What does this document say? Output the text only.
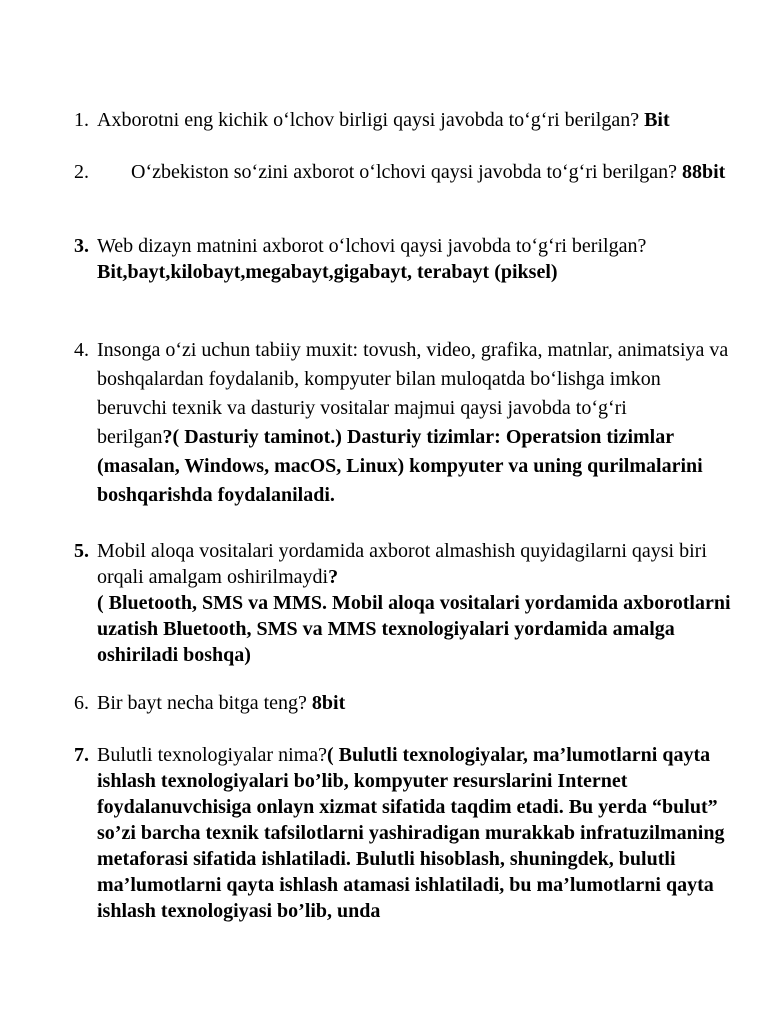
1. Axborotni eng kichik o‘lchov birligi qaysi javobda to‘g‘ri berilgan? Bit
2.	O‘zbekiston so‘zini axborot o‘lchovi qaysi javobda to‘g‘ri berilgan? 88bit
3. Web dizayn matnini axborot o‘lchovi qaysi javobda to‘g‘ri berilgan?   Bit,bayt,kilobayt,megabayt,gigabayt, terabayt (piksel)
4. Insonga o‘zi uchun tabiiy muxit: tovush, video, grafika, matnlar, animatsiya va boshqalardan foydalanib, kompyuter bilan muloqatda bo‘lishga imkon beruvchi texnik va dasturiy vositalar majmui qaysi javobda to‘g‘ri berilgan?( Dasturiy taminot.) Dasturiy tizimlar: Operatsion tizimlar (masalan, Windows, macOS, Linux) kompyuter va uning qurilmalarini boshqarishda foydalaniladi.
5. Mobil aloqa vositalari yordamida axborot almashish quyidagilarni qaysi biri orqali amalgam oshirilmaydi?
( Bluetooth, SMS va MMS. Mobil aloqa vositalari yordamida axborotlarni uzatish Bluetooth, SMS va MMS texnologiyalari yordamida amalga oshiriladi boshqa)
6. Bir bayt necha bitga teng? 8bit
7. Bulutli texnologiyalar nima?( Bulutli texnologiyalar, ma’lumotlarni qayta ishlash texnologiyalari bo’lib, kompyuter resurslarini Internet foydalanuvchisiga onlayn xizmat sifatida taqdim etadi. Bu yerda “bulut” so’zi barcha texnik tafsilotlarni yashiradigan murakkab infratuzilmaning metaforasi sifatida ishlatiladi. Bulutli hisoblash, shuningdek, bulutli ma’lumotlarni qayta ishlash atamasi ishlatiladi, bu ma’lumotlarni qayta ishlash texnologiyasi bo’lib, unda
